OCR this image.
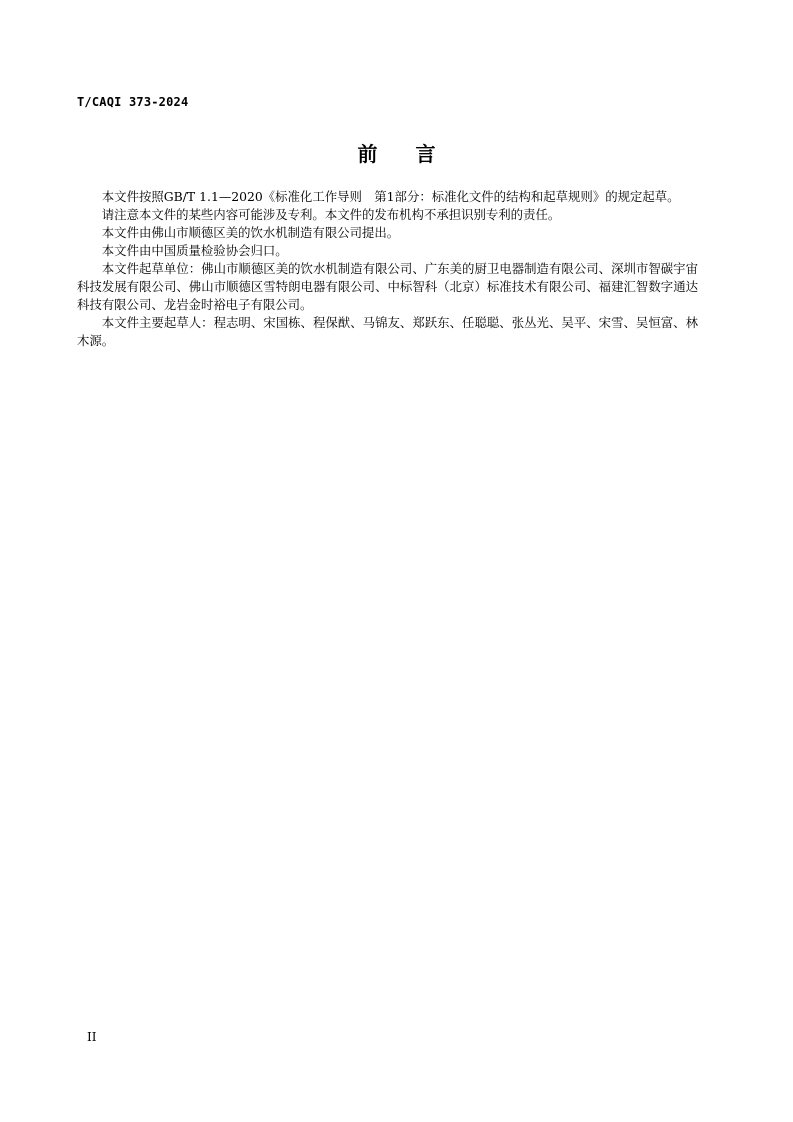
T/CAQI 373-2024
前 言

本文件按照GB/T 1.1—2020《标准化工作导则　第1部分：标准化文件的结构和起草规则》的规定起草。

请注意本文件的某些内容可能涉及专利。本文件的发布机构不承担识别专利的责任。

本文件由佛山市顺德区美的饮水机制造有限公司提出。

本文件由中国质量检验协会归口。

本文件起草单位：佛山市顺德区美的饮水机制造有限公司、广东美的厨卫电器制造有限公司、深圳市智碳宇宙科技发展有限公司、佛山市顺德区雪特朗电器有限公司、中标智科（北京）标准技术有限公司、福建汇智数字通达科技有限公司、龙岩金时裕电子有限公司。

本文件主要起草人：程志明、宋国栋、程保猷、马锦友、郑跃东、任聪聪、张丛光、吴平、宋雪、吴恒富、林木源。

II
